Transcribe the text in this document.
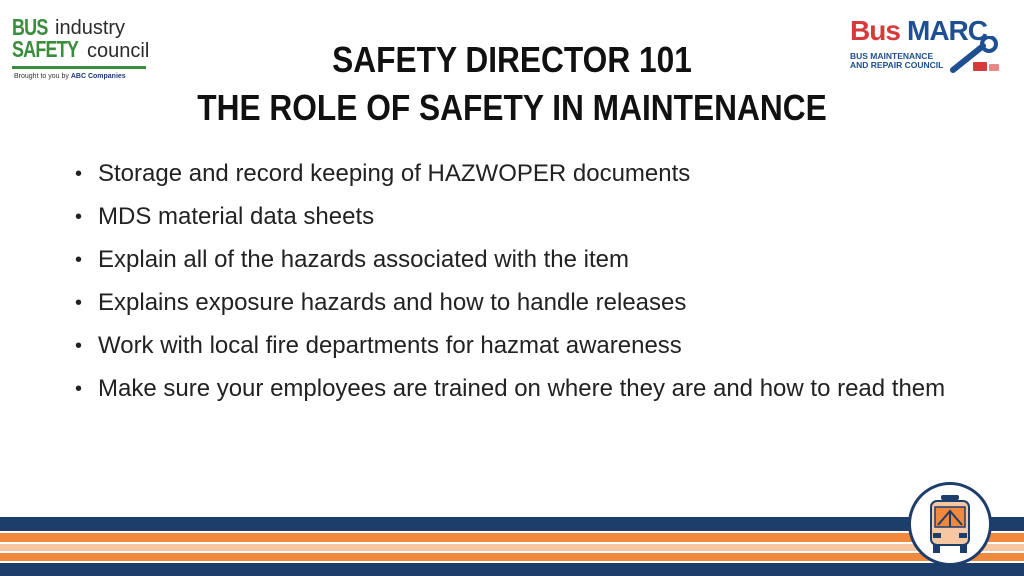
BUS industry
SAFETY council
Brought to you by ABC Companies
Bus MARC
BUS MAINTENANCE
AND REPAIR COUNCIL
SAFETY DIRECTOR 101
THE ROLE OF SAFETY IN MAINTENANCE
• Storage and record keeping of HAZWOPER documents
• MDS material data sheets
• Explain all of the hazards associated with the item
• Explains exposure hazards and how to handle releases
• Work with local fire departments for hazmat awareness
• Make sure your employees are trained on where they are and how to read them
